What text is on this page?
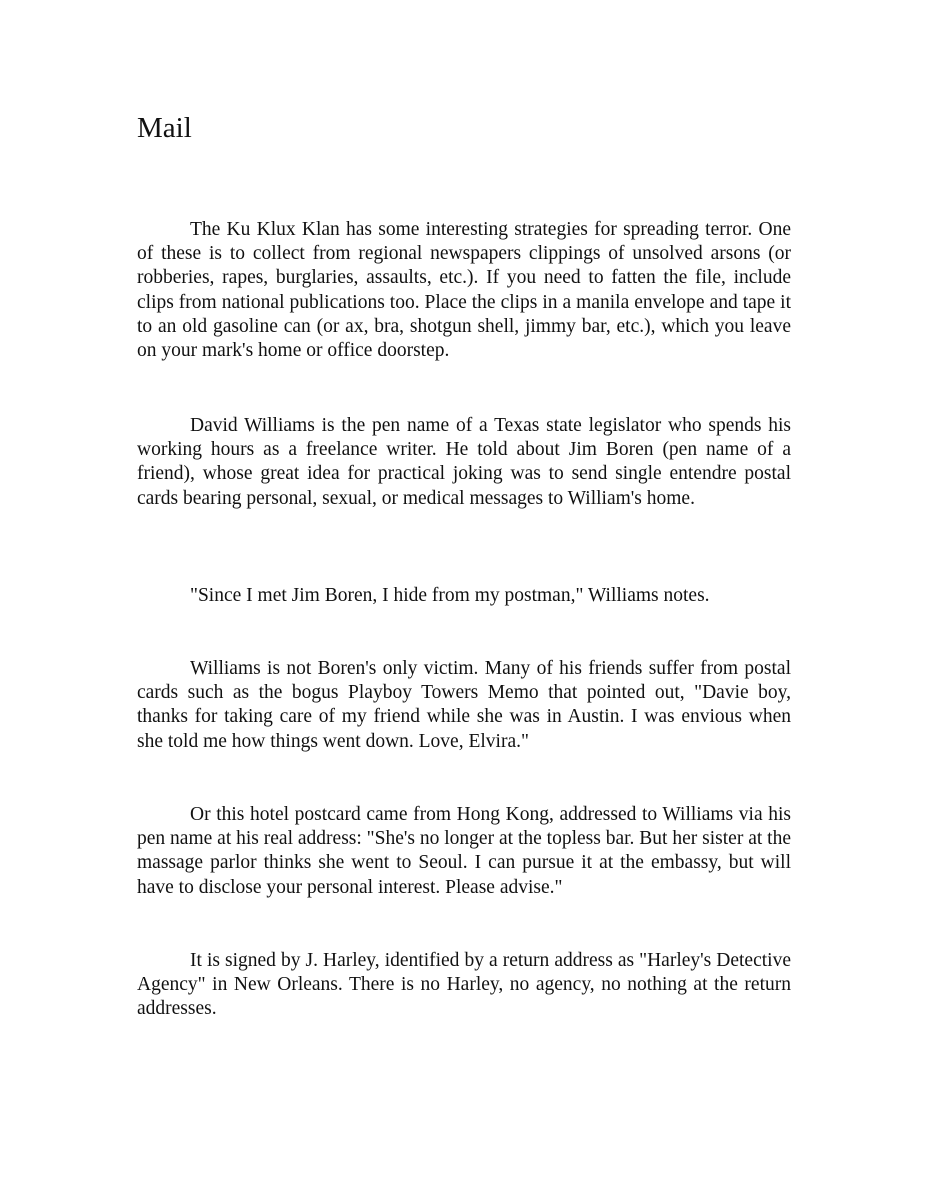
Mail

The Ku Klux Klan has some interesting strategies for spreading terror. One of these is to collect from regional newspapers clippings of unsolved arsons (or robberies, rapes, burglaries, assaults, etc.). If you need to fatten the file, include clips from national publications too. Place the clips in a manila envelope and tape it to an old gasoline can (or ax, bra, shotgun shell, jimmy bar, etc.), which you leave on your mark's home or office doorstep.

David Williams is the pen name of a Texas state legislator who spends his working hours as a freelance writer. He told about Jim Boren (pen name of a friend), whose great idea for practical joking was to send single entendre postal cards bearing personal, sexual, or medical messages to William's home.

"Since I met Jim Boren, I hide from my postman," Williams notes.

Williams is not Boren's only victim. Many of his friends suffer from postal cards such as the bogus Playboy Towers Memo that pointed out, "Davie boy, thanks for taking care of my friend while she was in Austin. I was envious when she told me how things went down. Love, Elvira."

Or this hotel postcard came from Hong Kong, addressed to Williams via his pen name at his real address: "She's no longer at the topless bar. But her sister at the massage parlor thinks she went to Seoul. I can pursue it at the embassy, but will have to disclose your personal interest. Please advise."

It is signed by J. Harley, identified by a return address as "Harley's Detective Agency" in New Orleans. There is no Harley, no agency, no nothing at the return addresses.
